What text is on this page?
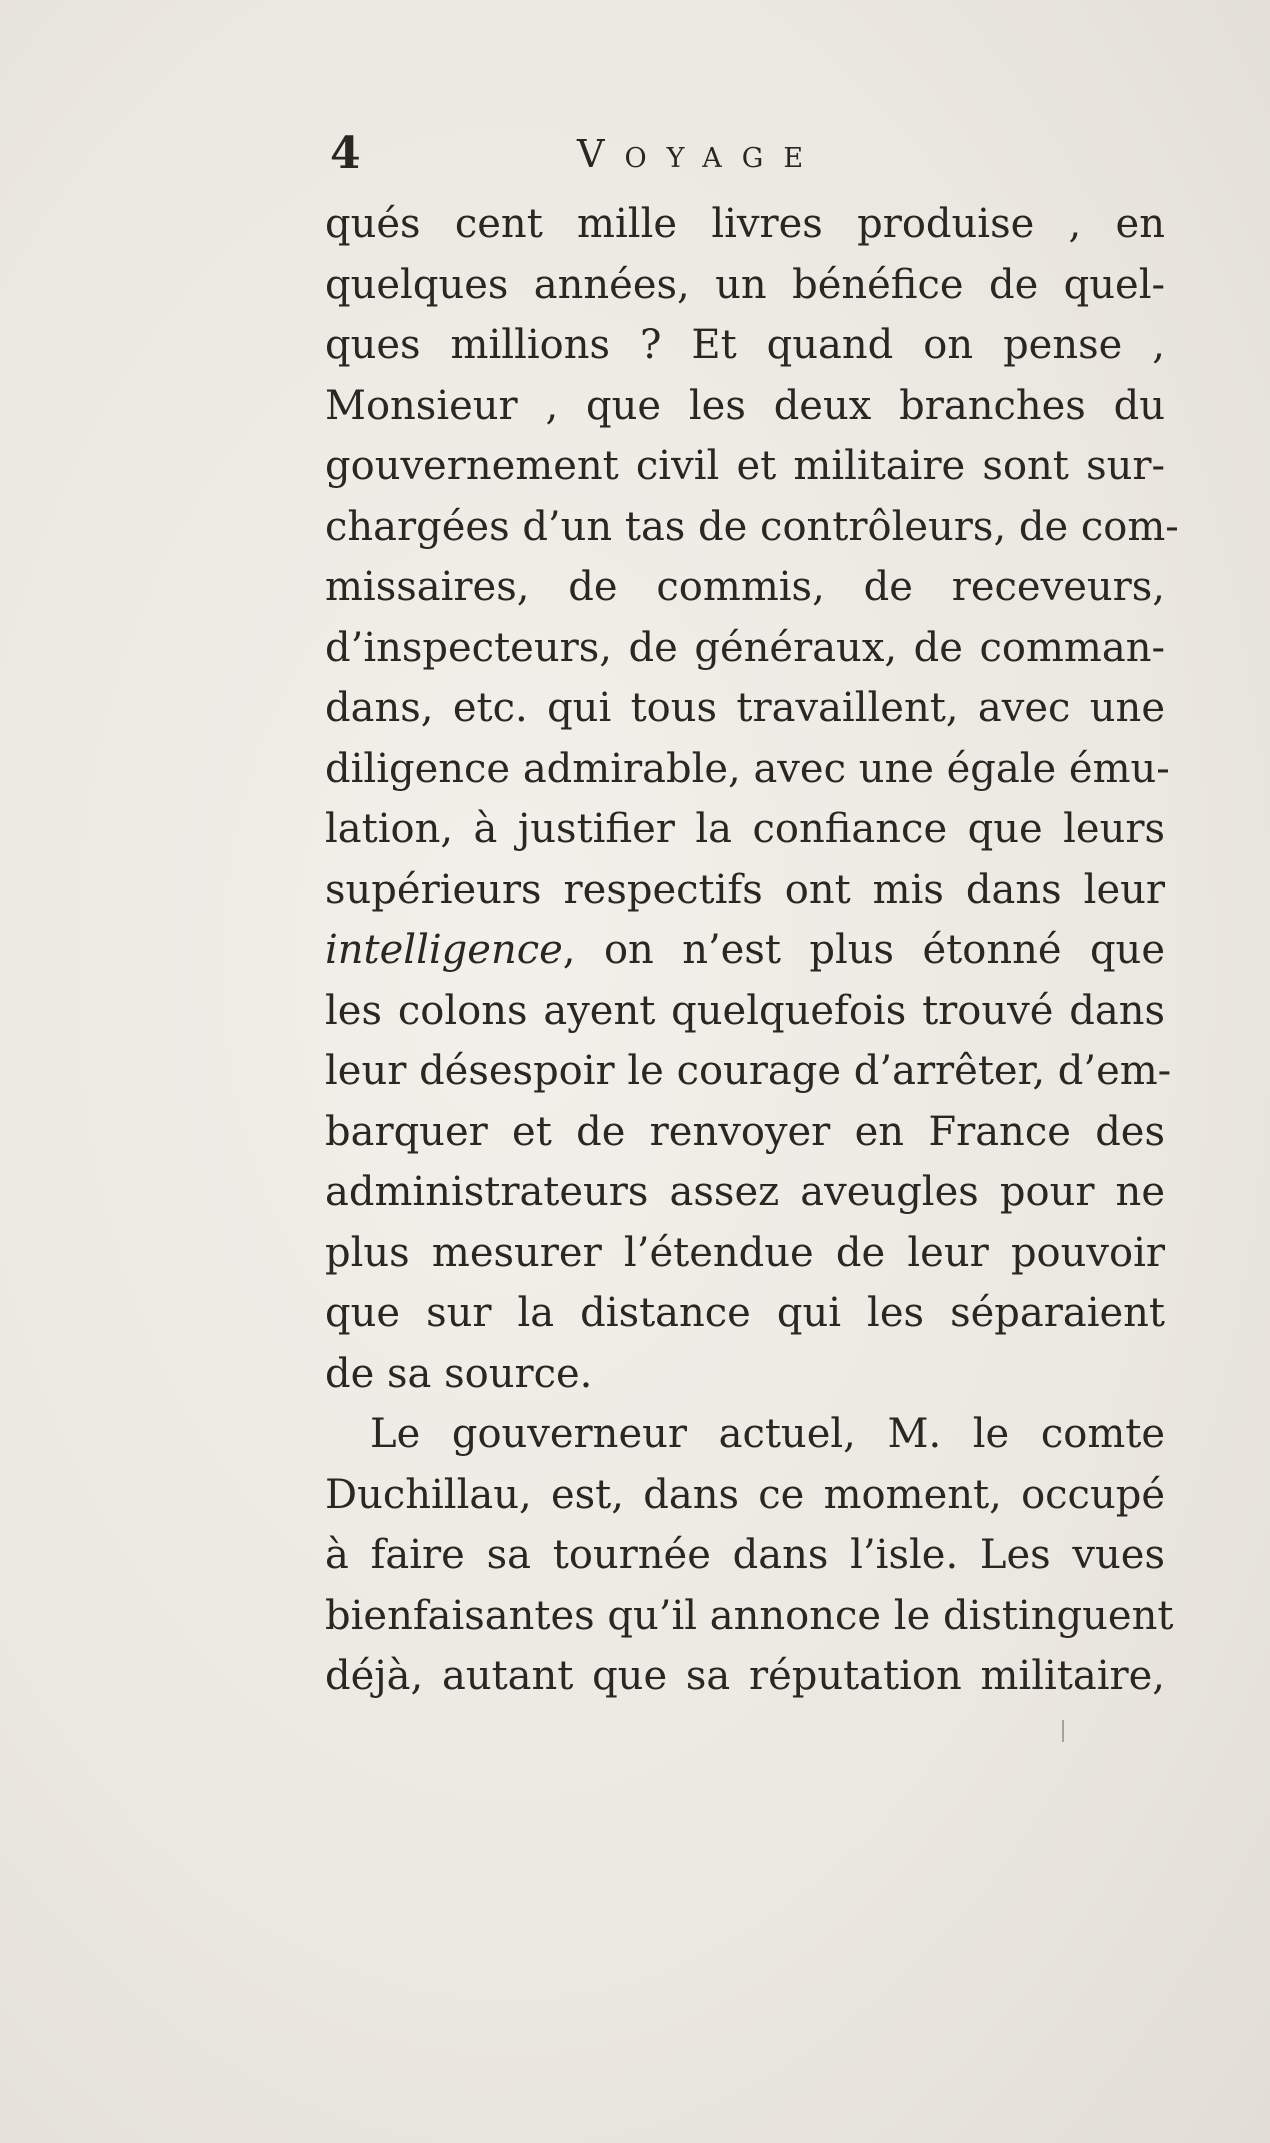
4	Voyage
qués cent mille livres produise , en
quelques années, un bénéfice de quel-
ques millions ? Et quand on pense ,
Monsieur , que les deux branches du
gouvernement civil et militaire sont sur-
chargées d’un tas de contrôleurs, de com-
missaires, de commis, de receveurs,
d’inspecteurs, de généraux, de comman-
dans, etc. qui tous travaillent, avec une
diligence admirable, avec une égale ému-
lation, à justifier la confiance que leurs
supérieurs respectifs ont mis dans leur
intelligence, on n’est plus étonné que
les colons ayent quelquefois trouvé dans
leur désespoir le courage d’arrêter, d’em-
barquer et de renvoyer en France des
administrateurs assez aveugles pour ne
plus mesurer l’étendue de leur pouvoir
que sur la distance qui les séparaient
de sa source.
Le gouverneur actuel, M. le comte
Duchillau, est, dans ce moment, occupé
à faire sa tournée dans l’isle. Les vues
bienfaisantes qu’il annonce le distinguent
déjà, autant que sa réputation militaire,
